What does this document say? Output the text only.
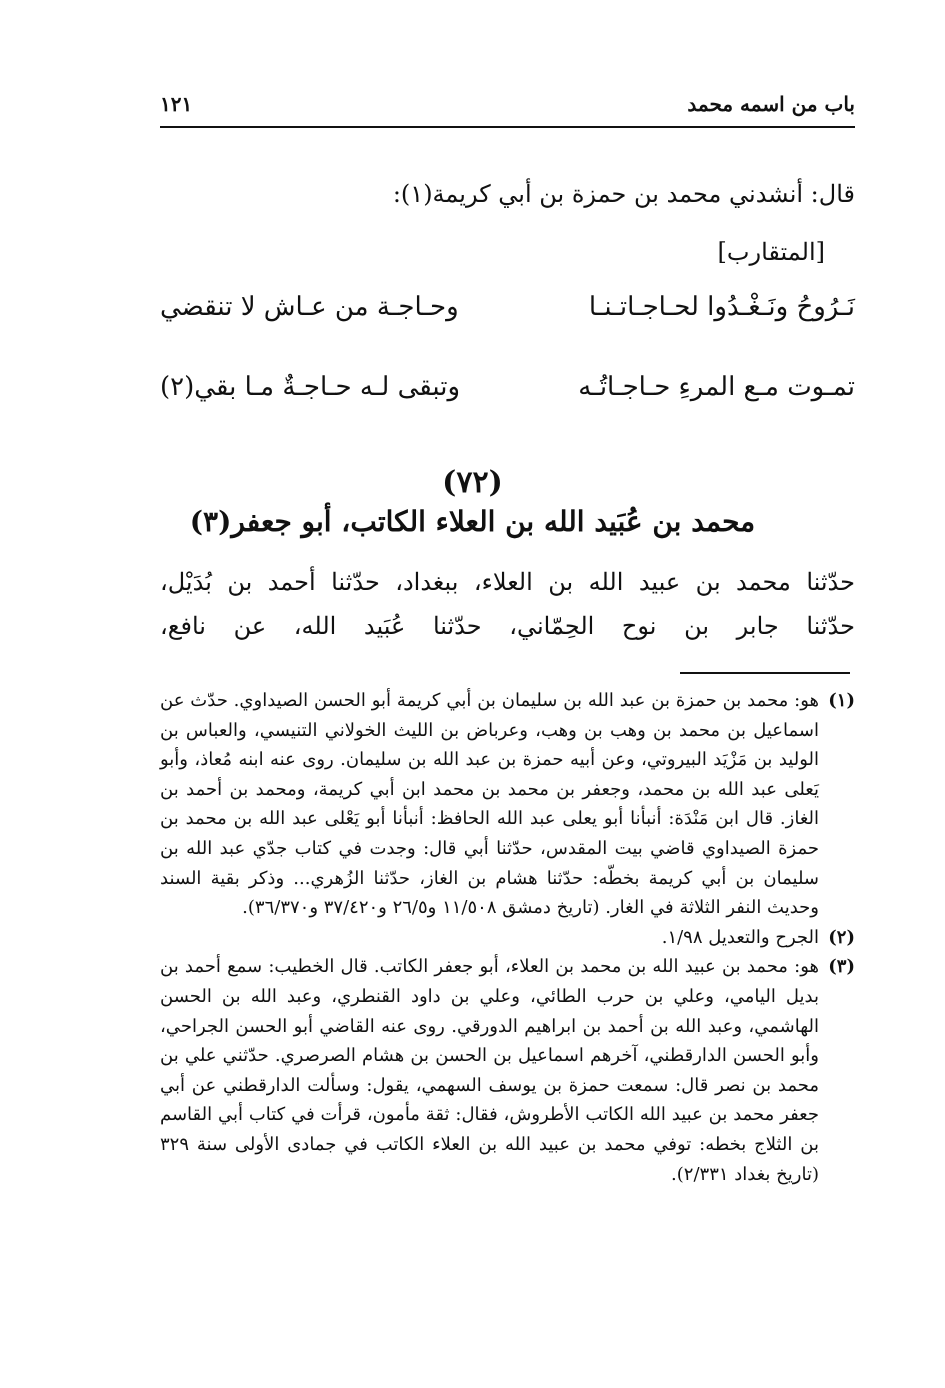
باب من اسمه محمد
١٢١
قال: أنشدني محمد بن حمزة بن أبي كريمة(١):
[المتقارب]
نَـرُوحُ ونَـغْـدُوا لحـاجـاتـنـا
وحـاجـة من عـاش لا تنقضي
تمـوت مـع المرءِ حـاجـاتُـه
وتبقى لـه حـاجـةٌ مـا بقي(٢)
(٧٢)
محمد بن عُبَيد الله بن العلاء الكاتب، أبو جعفر(٣)
حدّثنا محمد بن عبيد الله بن العلاء، ببغداد، حدّثنا أحمد بن بُدَيْل،
حدّثنا جابر بن نوح الحِمّاني، حدّثنا عُبَيد الله، عن نافع،
(١)
هو: محمد بن حمزة بن عبد الله بن سليمان بن أبي كريمة أبو الحسن الصيداوي. حدّث عن اسماعيل بن محمد بن وهب بن وهب، وعرباض بن الليث الخولاني التنيسي، والعباس بن الوليد بن مَزْيَد البيروتي، وعن أبيه حمزة بن عبد الله بن سليمان. روى عنه ابنه مُعاذ، وأبو يَعلى عبد الله بن محمد، وجعفر بن محمد بن محمد ابن أبي كريمة، ومحمد بن أحمد بن الغاز. قال ابن مَنْدَة: أنبأنا أبو يعلى عبد الله الحافظ: أنبأنا أبو يَعْلى عبد الله بن محمد بن حمزة الصيداوي قاضي بيت المقدس، حدّثنا أبي قال: وجدت في كتاب جدّي عبد الله بن سليمان بن أبي كريمة بخطّه: حدّثنا هشام بن الغاز، حدّثنا الزُهري... وذكر بقية السند وحديث النفر الثلاثة في الغار. (تاريخ دمشق ١١/٥٠٨ و٢٦/٥ و٣٧/٤٢٠ و٣٦/٣٧٠).
(٢)
الجرح والتعديل ١/٩٨.
(٣)
هو: محمد بن عبيد الله بن محمد بن العلاء، أبو جعفر الكاتب. قال الخطيب: سمع أحمد بن بديل اليامي، وعلي بن حرب الطائي، وعلي بن داود القنطري، وعبد الله بن الحسن الهاشمي، وعبد الله بن أحمد بن ابراهيم الدورقي. روى عنه القاضي أبو الحسن الجراحي، وأبو الحسن الدارقطني، آخرهم اسماعيل بن الحسن بن هشام الصرصري. حدّثني علي بن محمد بن نصر قال: سمعت حمزة بن يوسف السهمي، يقول: وسألت الدارقطني عن أبي جعفر محمد بن عبيد الله الكاتب الأطروش، فقال: ثقة مأمون، قرأت في كتاب أبي القاسم بن الثلاج بخطه: توفي محمد بن عبيد الله بن العلاء الكاتب في جمادى الأولى سنة ٣٢٩ (تاريخ بغداد ٢/٣٣١).
